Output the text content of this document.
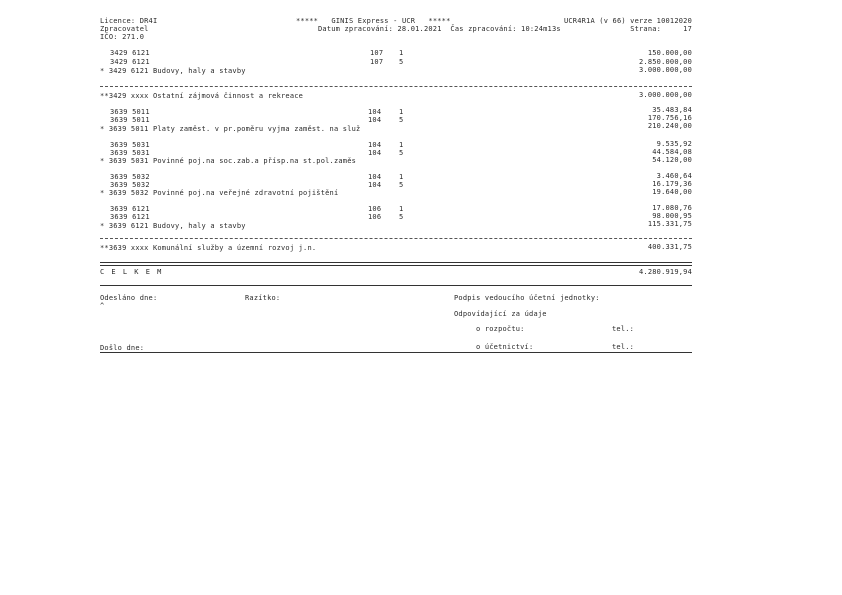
Licence: DR4I
Zpracovatel
IČO: 271.0
*****   GINIS Express - UCR   *****
Datum zpracování: 28.01.2021  Čas zpracování: 10:24m13s
UCR4R1A (v 66) verze 10012020
Strana:     17
3429 6121	107 1	150.000,00
3429 6121	107 5	2.850.000,00
* 3429 6121 Budovy, haly a stavby	3.000.000,00
**3429 xxxx Ostatní zájmová činnost a rekreace	3.000.000,00
3639 5011	104	1	35.483,84
3639 5011	104	5	170.756,16
* 3639 5011 Platy zaměst. v pr.poměru vyjma zaměst. na služ	210.240,00
3639 5031	104	1	9.535,92
3639 5031	104	5	44.584,08
* 3639 5031 Povinné poj.na soc.zab.a přísp.na st.pol.zaměs	54.120,00
3639 5032	104	1	3.460,64
3639 5032	104	5	16.179,36
* 3639 5032 Povinné poj.na veřejné zdravotní pojištění	19.640,00
3639 6121	106	1	17.080,76
3639 6121	106	5	98.000,95
* 3639 6121 Budovy, haly a stavby	115.331,75
**3639 xxxx Komunální služby a územní rozvoj j.n.	400.331,75
C E L K E M	4.280.919,94
Odesláno dne:
^
Razítko:	Podpis vedoucího účetní jednotky:
Odpovídající za údaje
o rozpočtu:	tel.:
Došlo dne:	o účetnictví:	tel.:
